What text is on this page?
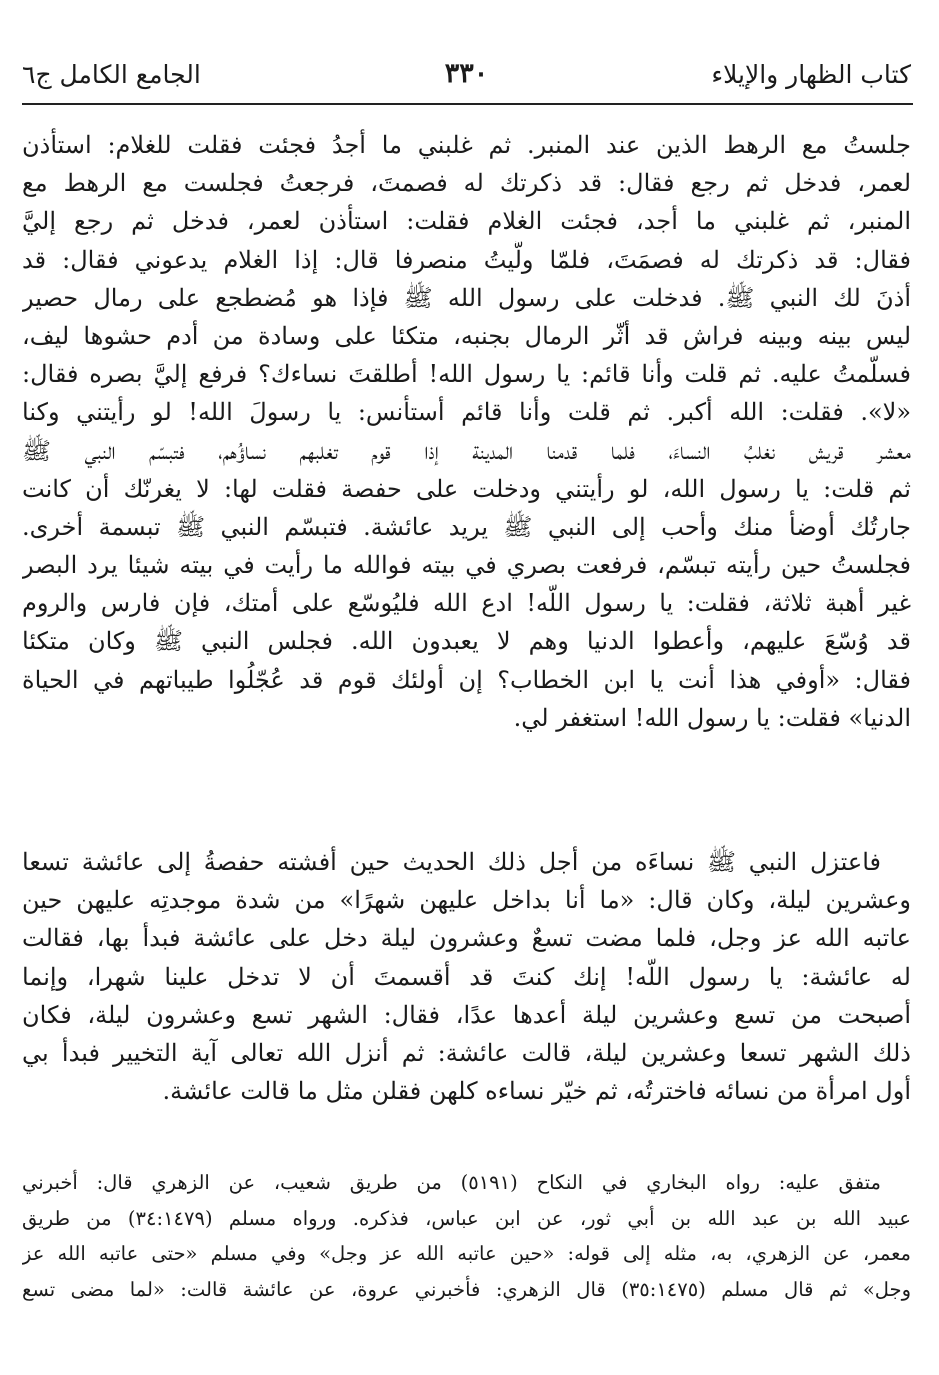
كتاب الظهار والإيلاء
٣٣٠
الجامع الكامل ج٦
جلستُ مع الرهط الذين عند المنبر. ثم غلبني ما أجدُ فجئت فقلت للغلام: استأذن
لعمر، فدخل ثم رجع فقال: قد ذكرتك له فصمتَ، فرجعتُ فجلست مع الرهط مع
المنبر، ثم غلبني ما أجد، فجئت الغلام فقلت: استأذن لعمر، فدخل ثم رجع إليَّ
فقال: قد ذكرتك له فصمَتَ، فلمّا ولَّيتُ منصرفا قال: إذا الغلام يدعوني فقال: قد
أذنَ لك النبي ﷺ. فدخلت على رسول الله ﷺ فإذا هو مُضطجع على رمال حصير
ليس بينه وبينه فراش قد أثّر الرمال بجنبه، متكئا على وسادة من أدم حشوها ليف،
فسلّمتُ عليه. ثم قلت وأنا قائم: يا رسول الله! أطلقتَ نساءك؟ فرفع إليَّ بصره فقال:
«لا». فقلت: الله أكبر. ثم قلت وأنا قائم أستأنس: يا رسولَ الله! لو رأيتني وكنا
معشر قريش نغلبُ النساءَ، فلما قدمنا المدينة إذا قوم تغلبهم نساؤُهم، فتبسّم النبي ﷺ
ثم قلت: يا رسول الله، لو رأيتني ودخلت على حفصة فقلت لها: لا يغرنّك أن كانت
جارتُك أوضأ منك وأحب إلى النبي ﷺ يريد عائشة. فتبسّم النبي ﷺ تبسمة أخرى.
فجلستُ حين رأيته تبسّم، فرفعت بصري في بيته فوالله ما رأيت في بيته شيئا يرد البصر
غير أهبة ثلاثة، فقلت: يا رسول اللّه! ادع الله فليُوسّع على أمتك، فإن فارس والروم
قد وُسّعَ عليهم، وأعطوا الدنيا وهم لا يعبدون الله. فجلس النبي ﷺ وكان متكئا
فقال: «أوفي هذا أنت يا ابن الخطاب؟ إن أولئك قوم قد عُجّلُوا طيباتهم في الحياة
الدنيا» فقلت: يا رسول الله! استغفر لي.
فاعتزل النبي ﷺ نساءَه من أجل ذلك الحديث حين أفشته حفصةُ إلى عائشة تسعا
وعشرين ليلة، وكان قال: «ما أنا بداخل عليهن شهرًا» من شدة موجدتِه عليهن حين
عاتبه الله عز وجل، فلما مضت تسعٌ وعشرون ليلة دخل على عائشة فبدأ بها، فقالت
له عائشة: يا رسول اللّه! إنك كنتَ قد أقسمتَ أن لا تدخل علينا شهرا، وإنما
أصبحت من تسع وعشرين ليلة أعدها عدًا، فقال: الشهر تسع وعشرون ليلة، فكان
ذلك الشهر تسعا وعشرين ليلة، قالت عائشة: ثم أنزل الله تعالى آية التخيير فبدأ بي
أول امرأة من نسائه فاخترتُه، ثم خيّر نساءه كلهن فقلن مثل ما قالت عائشة.
متفق عليه: رواه البخاري في النكاح (٥١٩١) من طريق شعيب، عن الزهري قال: أخبرني
عبيد الله بن عبد الله بن أبي ثور، عن ابن عباس، فذكره. ورواه مسلم (٣٤:١٤٧٩) من طريق
معمر، عن الزهري، به، مثله إلى قوله: «حين عاتبه الله عز وجل» وفي مسلم «حتى عاتبه الله عز
وجل» ثم قال مسلم (٣٥:١٤٧٥) قال الزهري: فأخبرني عروة، عن عائشة قالت: «لما مضى تسع
